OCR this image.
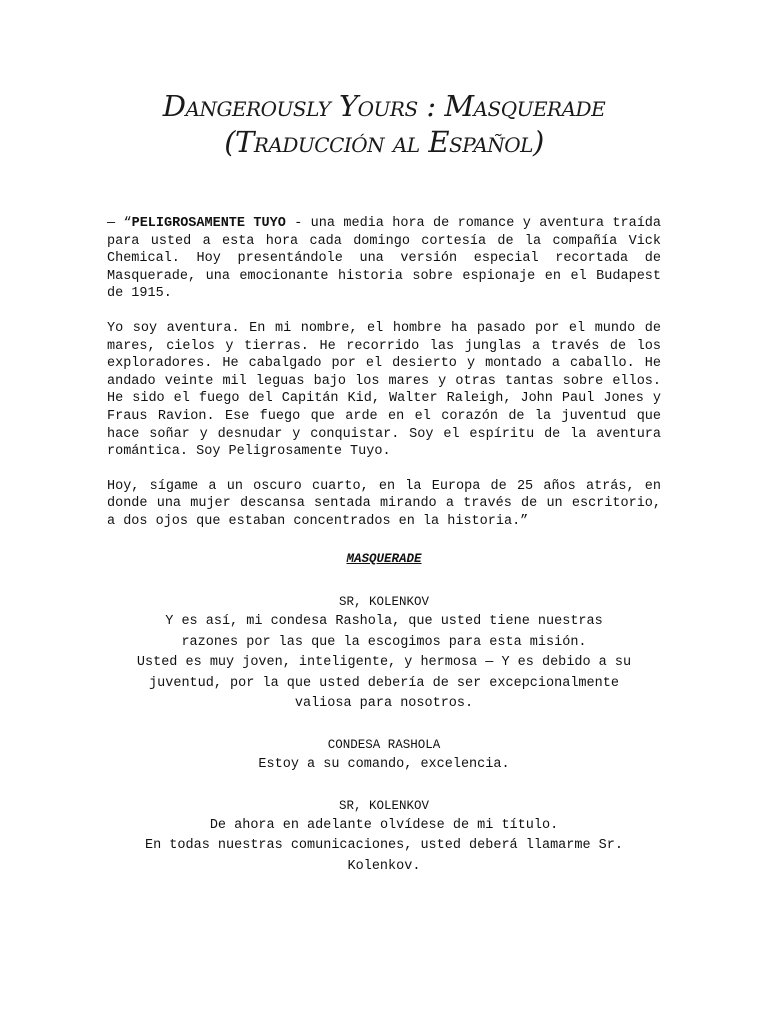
Dangerously Yours : Masquerade
(Traducción al Español)

— “PELIGROSAMENTE TUYO - una media hora de romance y aventura traída para usted a esta hora cada domingo cortesía de la compañía Vick Chemical. Hoy presentándole una versión especial recortada de Masquerade, una emocionante historia sobre espionaje en el Budapest de 1915.

Yo soy aventura. En mi nombre, el hombre ha pasado por el mundo de mares, cielos y tierras. He recorrido las junglas a través de los exploradores. He cabalgado por el desierto y montado a caballo. He andado veinte mil leguas bajo los mares y otras tantas sobre ellos. He sido el fuego del Capitán Kid, Walter Raleigh, John Paul Jones y Fraus Ravion. Ese fuego que arde en el corazón de la juventud que hace soñar y desnudar y conquistar. Soy el espíritu de la aventura romántica. Soy Peligrosamente Tuyo.

Hoy, sígame a un oscuro cuarto, en la Europa de 25 años atrás, en donde una mujer descansa sentada mirando a través de un escritorio, a dos ojos que estaban concentrados en la historia.”

MASQUERADE
SR, KOLENKOV
Y es así, mi condesa Rashola, que usted tiene nuestras
razones por las que la escogimos para esta misión.
Usted es muy joven, inteligente, y hermosa — Y es debido a su
juventud, por la que usted debería de ser excepcionalmente
valiosa para nosotros.
CONDESA RASHOLA
Estoy a su comando, excelencia.
SR, KOLENKOV
De ahora en adelante olvídese de mi título.
En todas nuestras comunicaciones, usted deberá llamarme Sr.
Kolenkov.
